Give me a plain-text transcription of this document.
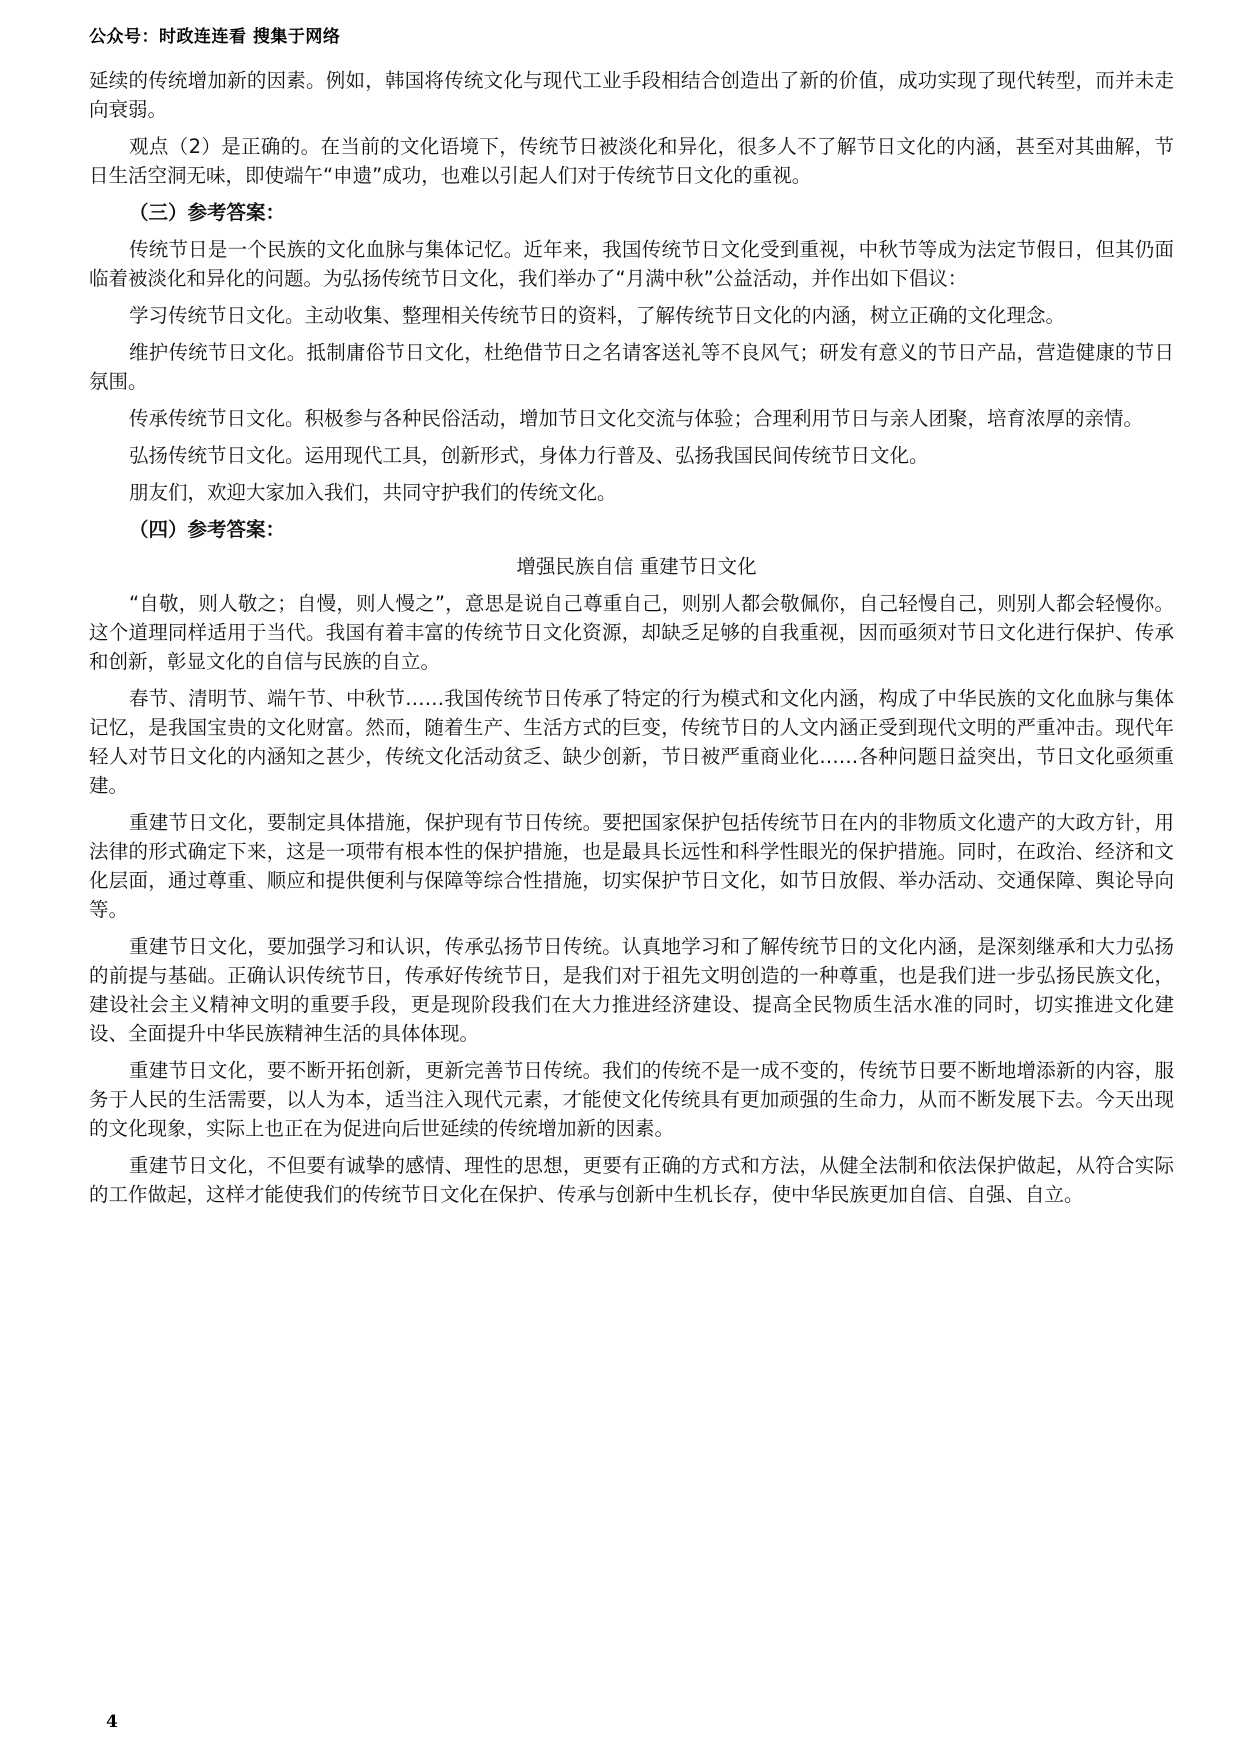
公众号：时政连连看 搜集于网络

延续的传统增加新的因素。例如，韩国将传统文化与现代工业手段相结合创造出了新的价值，成功实现了现代转型，而并未走向衰弱。

观点（2）是正确的。在当前的文化语境下，传统节日被淡化和异化，很多人不了解节日文化的内涵，甚至对其曲解，节日生活空洞无味，即使端午“申遗”成功，也难以引起人们对于传统节日文化的重视。

（三）参考答案：

传统节日是一个民族的文化血脉与集体记忆。近年来，我国传统节日文化受到重视，中秋节等成为法定节假日，但其仍面临着被淡化和异化的问题。为弘扬传统节日文化，我们举办了“月满中秋”公益活动，并作出如下倡议：

学习传统节日文化。主动收集、整理相关传统节日的资料，了解传统节日文化的内涵，树立正确的文化理念。

维护传统节日文化。抵制庸俗节日文化，杜绝借节日之名请客送礼等不良风气；研发有意义的节日产品，营造健康的节日氛围。

传承传统节日文化。积极参与各种民俗活动，增加节日文化交流与体验；合理利用节日与亲人团聚，培育浓厚的亲情。

弘扬传统节日文化。运用现代工具，创新形式，身体力行普及、弘扬我国民间传统节日文化。

朋友们，欢迎大家加入我们，共同守护我们的传统文化。

（四）参考答案：
增强民族自信 重建节日文化

“自敬，则人敬之；自慢，则人慢之”，意思是说自己尊重自己，则别人都会敬佩你，自己轻慢自己，则别人都会轻慢你。这个道理同样适用于当代。我国有着丰富的传统节日文化资源，却缺乏足够的自我重视，因而亟须对节日文化进行保护、传承和创新，彰显文化的自信与民族的自立。

春节、清明节、端午节、中秋节……我国传统节日传承了特定的行为模式和文化内涵，构成了中华民族的文化血脉与集体记忆，是我国宝贵的文化财富。然而，随着生产、生活方式的巨变，传统节日的人文内涵正受到现代文明的严重冲击。现代年轻人对节日文化的内涵知之甚少，传统文化活动贫乏、缺少创新，节日被严重商业化……各种问题日益突出，节日文化亟须重建。

重建节日文化，要制定具体措施，保护现有节日传统。要把国家保护包括传统节日在内的非物质文化遗产的大政方针，用法律的形式确定下来，这是一项带有根本性的保护措施，也是最具长远性和科学性眼光的保护措施。同时，在政治、经济和文化层面，通过尊重、顺应和提供便利与保障等综合性措施，切实保护节日文化，如节日放假、举办活动、交通保障、舆论导向等。

重建节日文化，要加强学习和认识，传承弘扬节日传统。认真地学习和了解传统节日的文化内涵，是深刻继承和大力弘扬的前提与基础。正确认识传统节日，传承好传统节日，是我们对于祖先文明创造的一种尊重，也是我们进一步弘扬民族文化，建设社会主义精神文明的重要手段，更是现阶段我们在大力推进经济建设、提高全民物质生活水准的同时，切实推进文化建设、全面提升中华民族精神生活的具体体现。

重建节日文化，要不断开拓创新，更新完善节日传统。我们的传统不是一成不变的，传统节日要不断地增添新的内容，服务于人民的生活需要，以人为本，适当注入现代元素，才能使文化传统具有更加顽强的生命力，从而不断发展下去。今天出现的文化现象，实际上也正在为促进向后世延续的传统增加新的因素。

重建节日文化，不但要有诚挚的感情、理性的思想，更要有正确的方式和方法，从健全法制和依法保护做起，从符合实际的工作做起，这样才能使我们的传统节日文化在保护、传承与创新中生机长存，使中华民族更加自信、自强、自立。

4
